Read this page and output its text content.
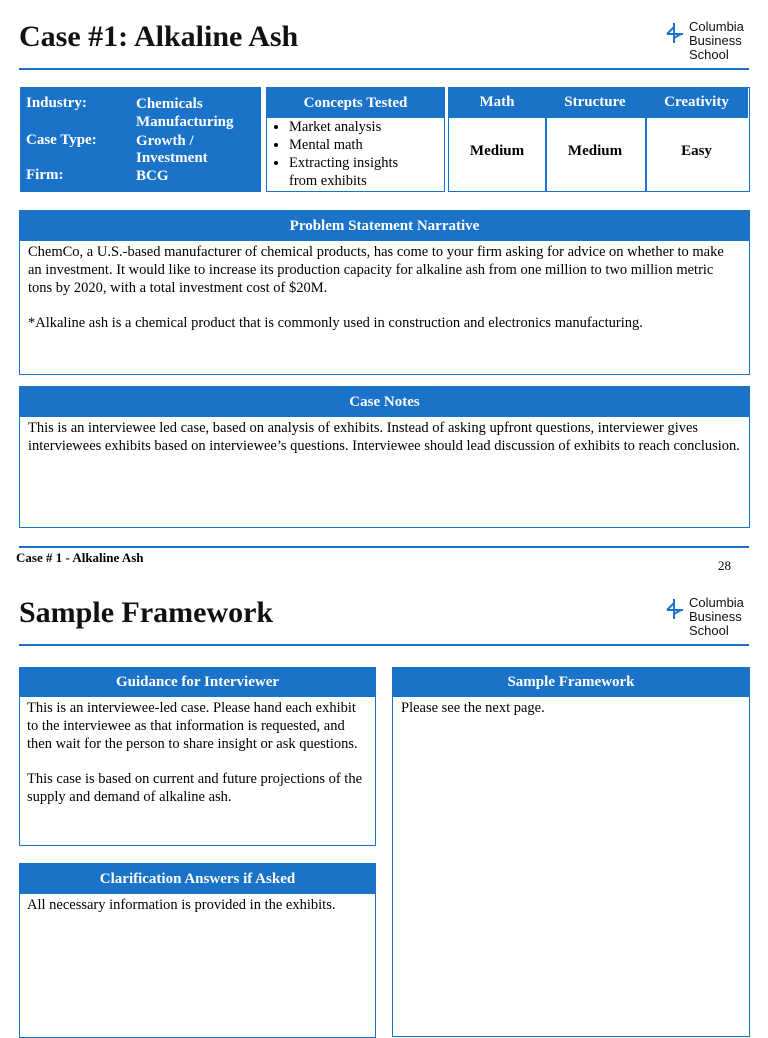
Case #1: Alkaline Ash	Columbia
Business
School
Industry:	Chemicals
Manufacturing
Case Type:	Growth /
Investment
Firm:	BCG
Concepts Tested
• Market analysis
• Mental math
• Extracting insights
from exhibits
Math	Structure	Creativity
Medium	Medium	Easy
Problem Statement Narrative

ChemCo, a U.S.-based manufacturer of chemical products, has come to your firm asking for advice on whether to make an investment. It would like to increase its production capacity for alkaline ash from one million to two million metric tons by 2020, with a total investment cost of $20M.

*Alkaline ash is a chemical product that is commonly used in construction and electronics manufacturing.

Case Notes
This is an interviewee led case, based on analysis of exhibits. Instead of asking upfront questions, interviewer gives interviewees exhibits based on interviewee’s questions. Interviewee should lead discussion of exhibits to reach conclusion.
Case # 1 - Alkaline Ash
28
Sample Framework	Columbia
Business
School
Guidance for Interviewer

This is an interviewee-led case. Please hand each exhibit to the interviewee as that information is requested, and then wait for the person to share insight or ask questions.

This case is based on current and future projections of the supply and demand of alkaline ash.

Sample Framework
Please see the next page.
Clarification Answers if Asked
All necessary information is provided in the exhibits.
